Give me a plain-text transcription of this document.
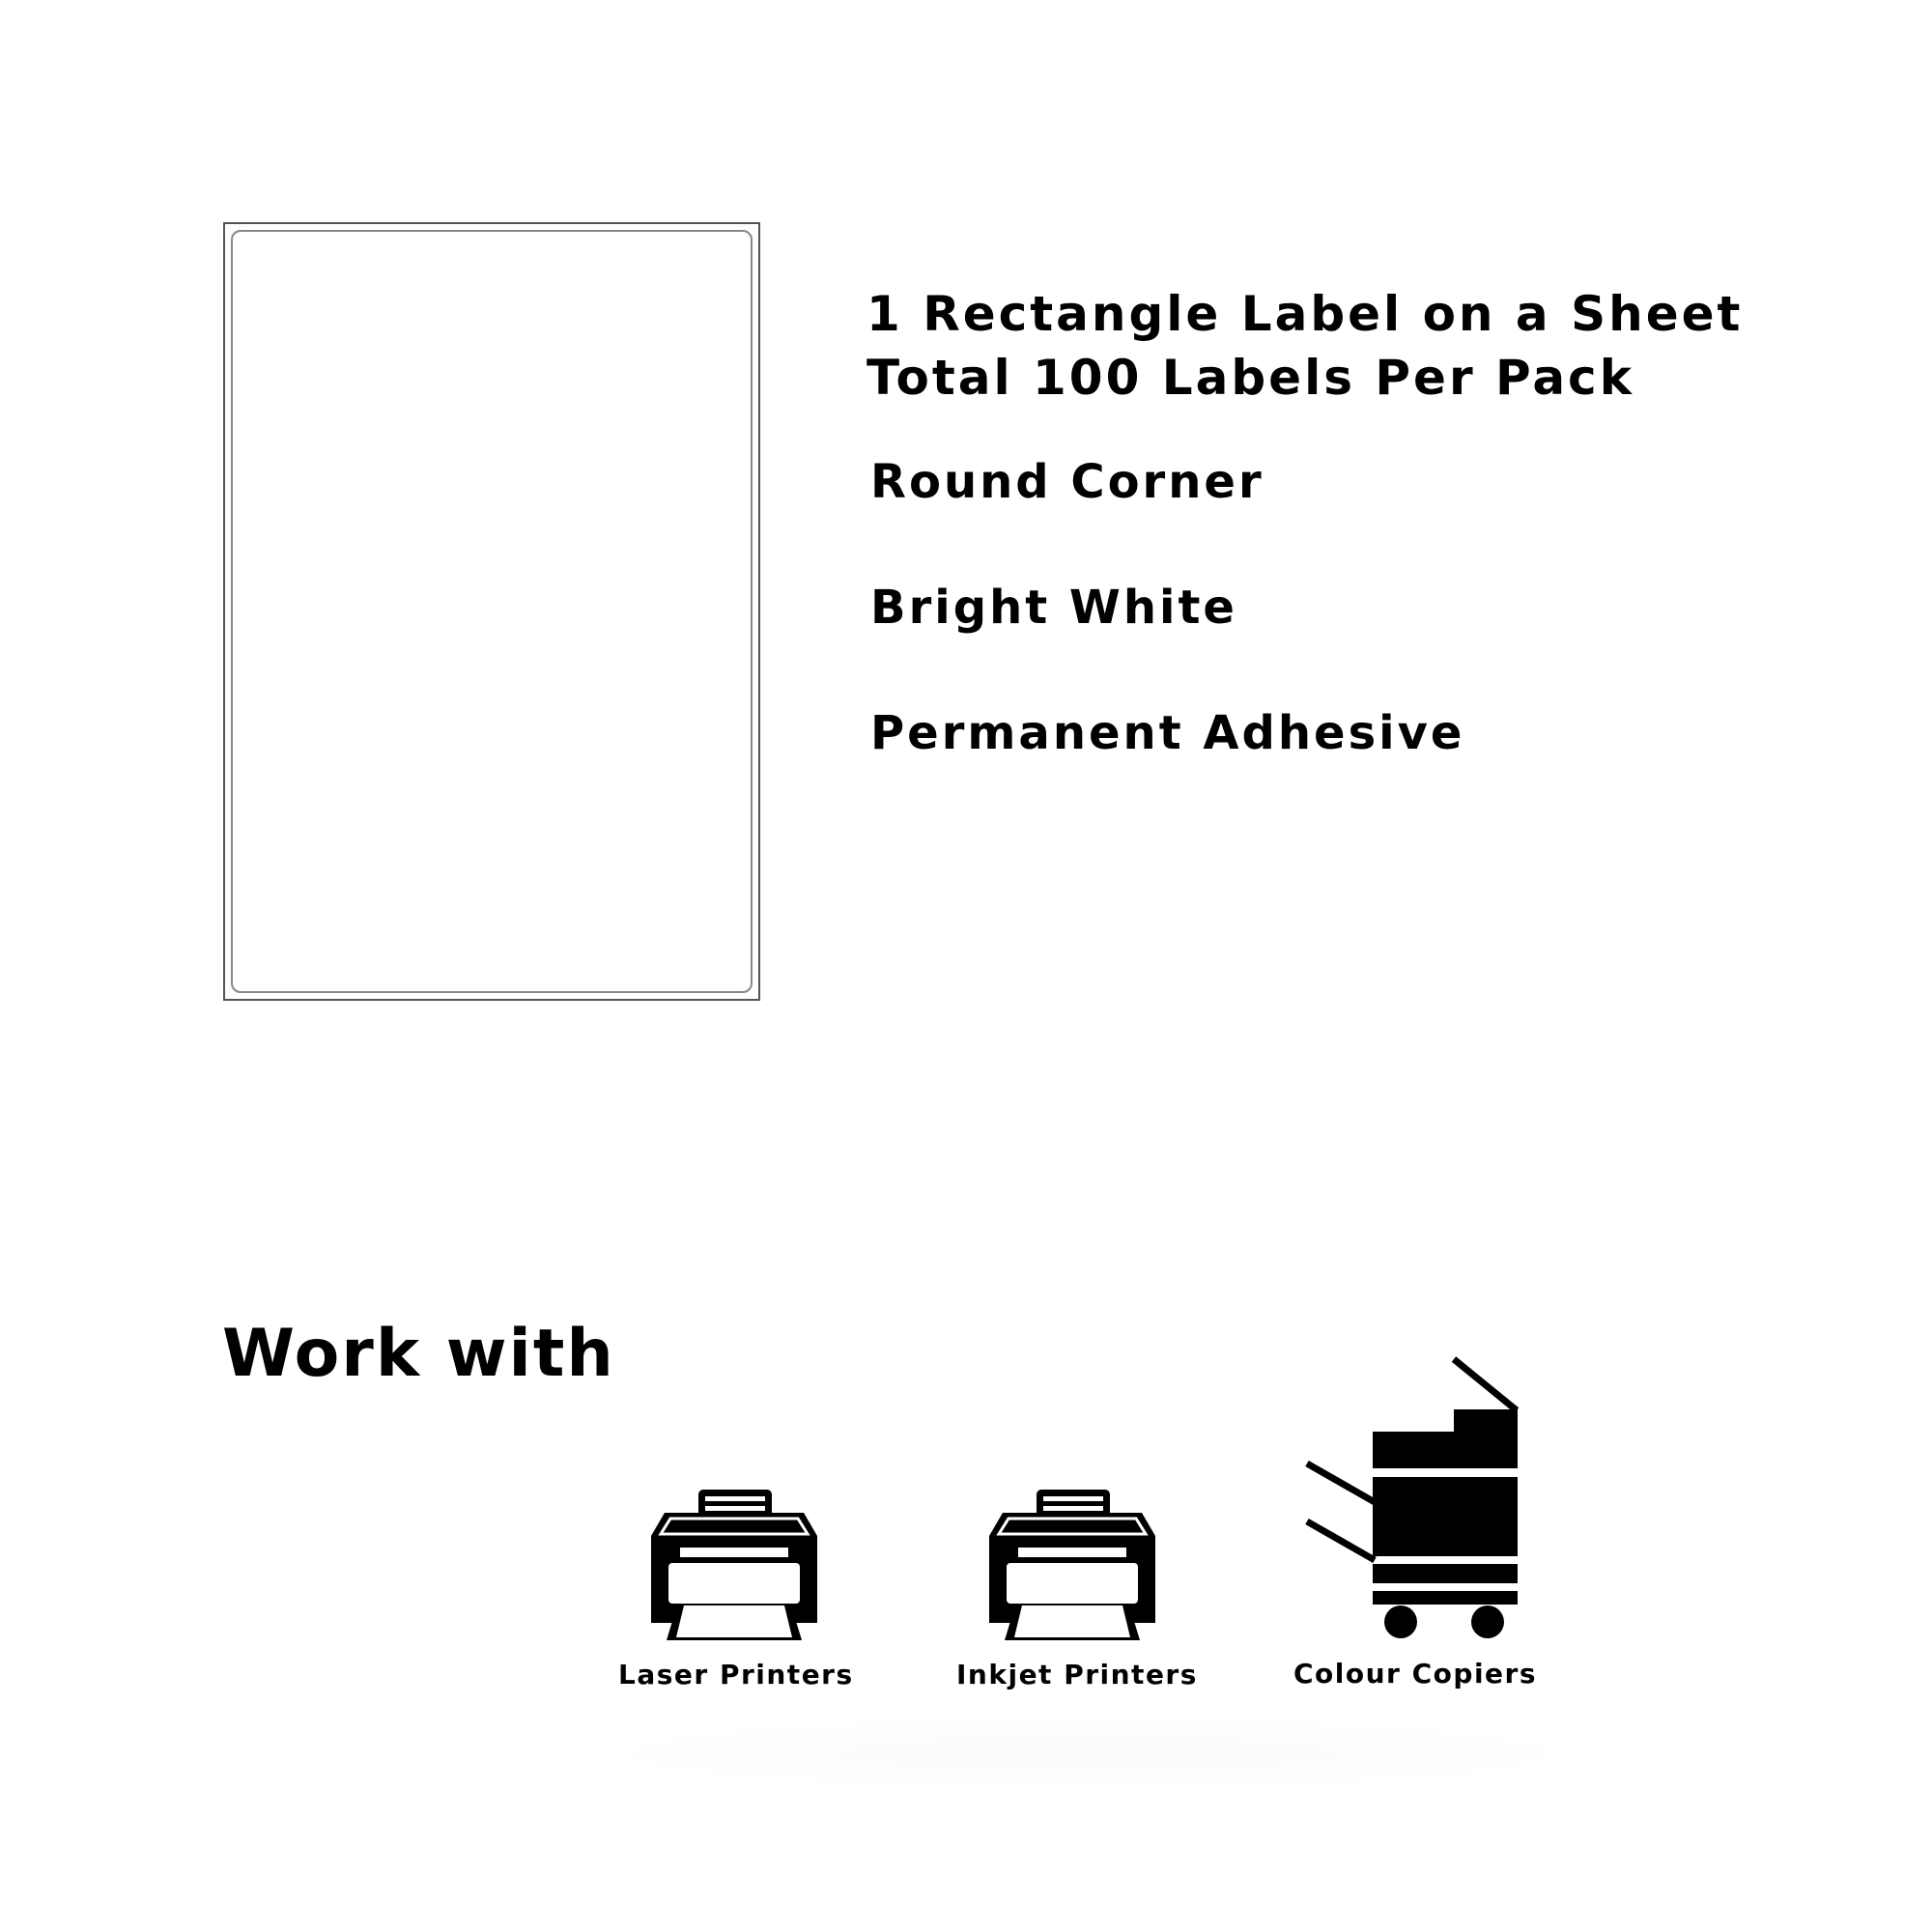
1 Rectangle Label on a Sheet
Total 100 Labels Per Pack
Round Corner
Bright White
Permanent Adhesive
Work with
Laser Printers	Inkjet Printers	Colour Copiers
